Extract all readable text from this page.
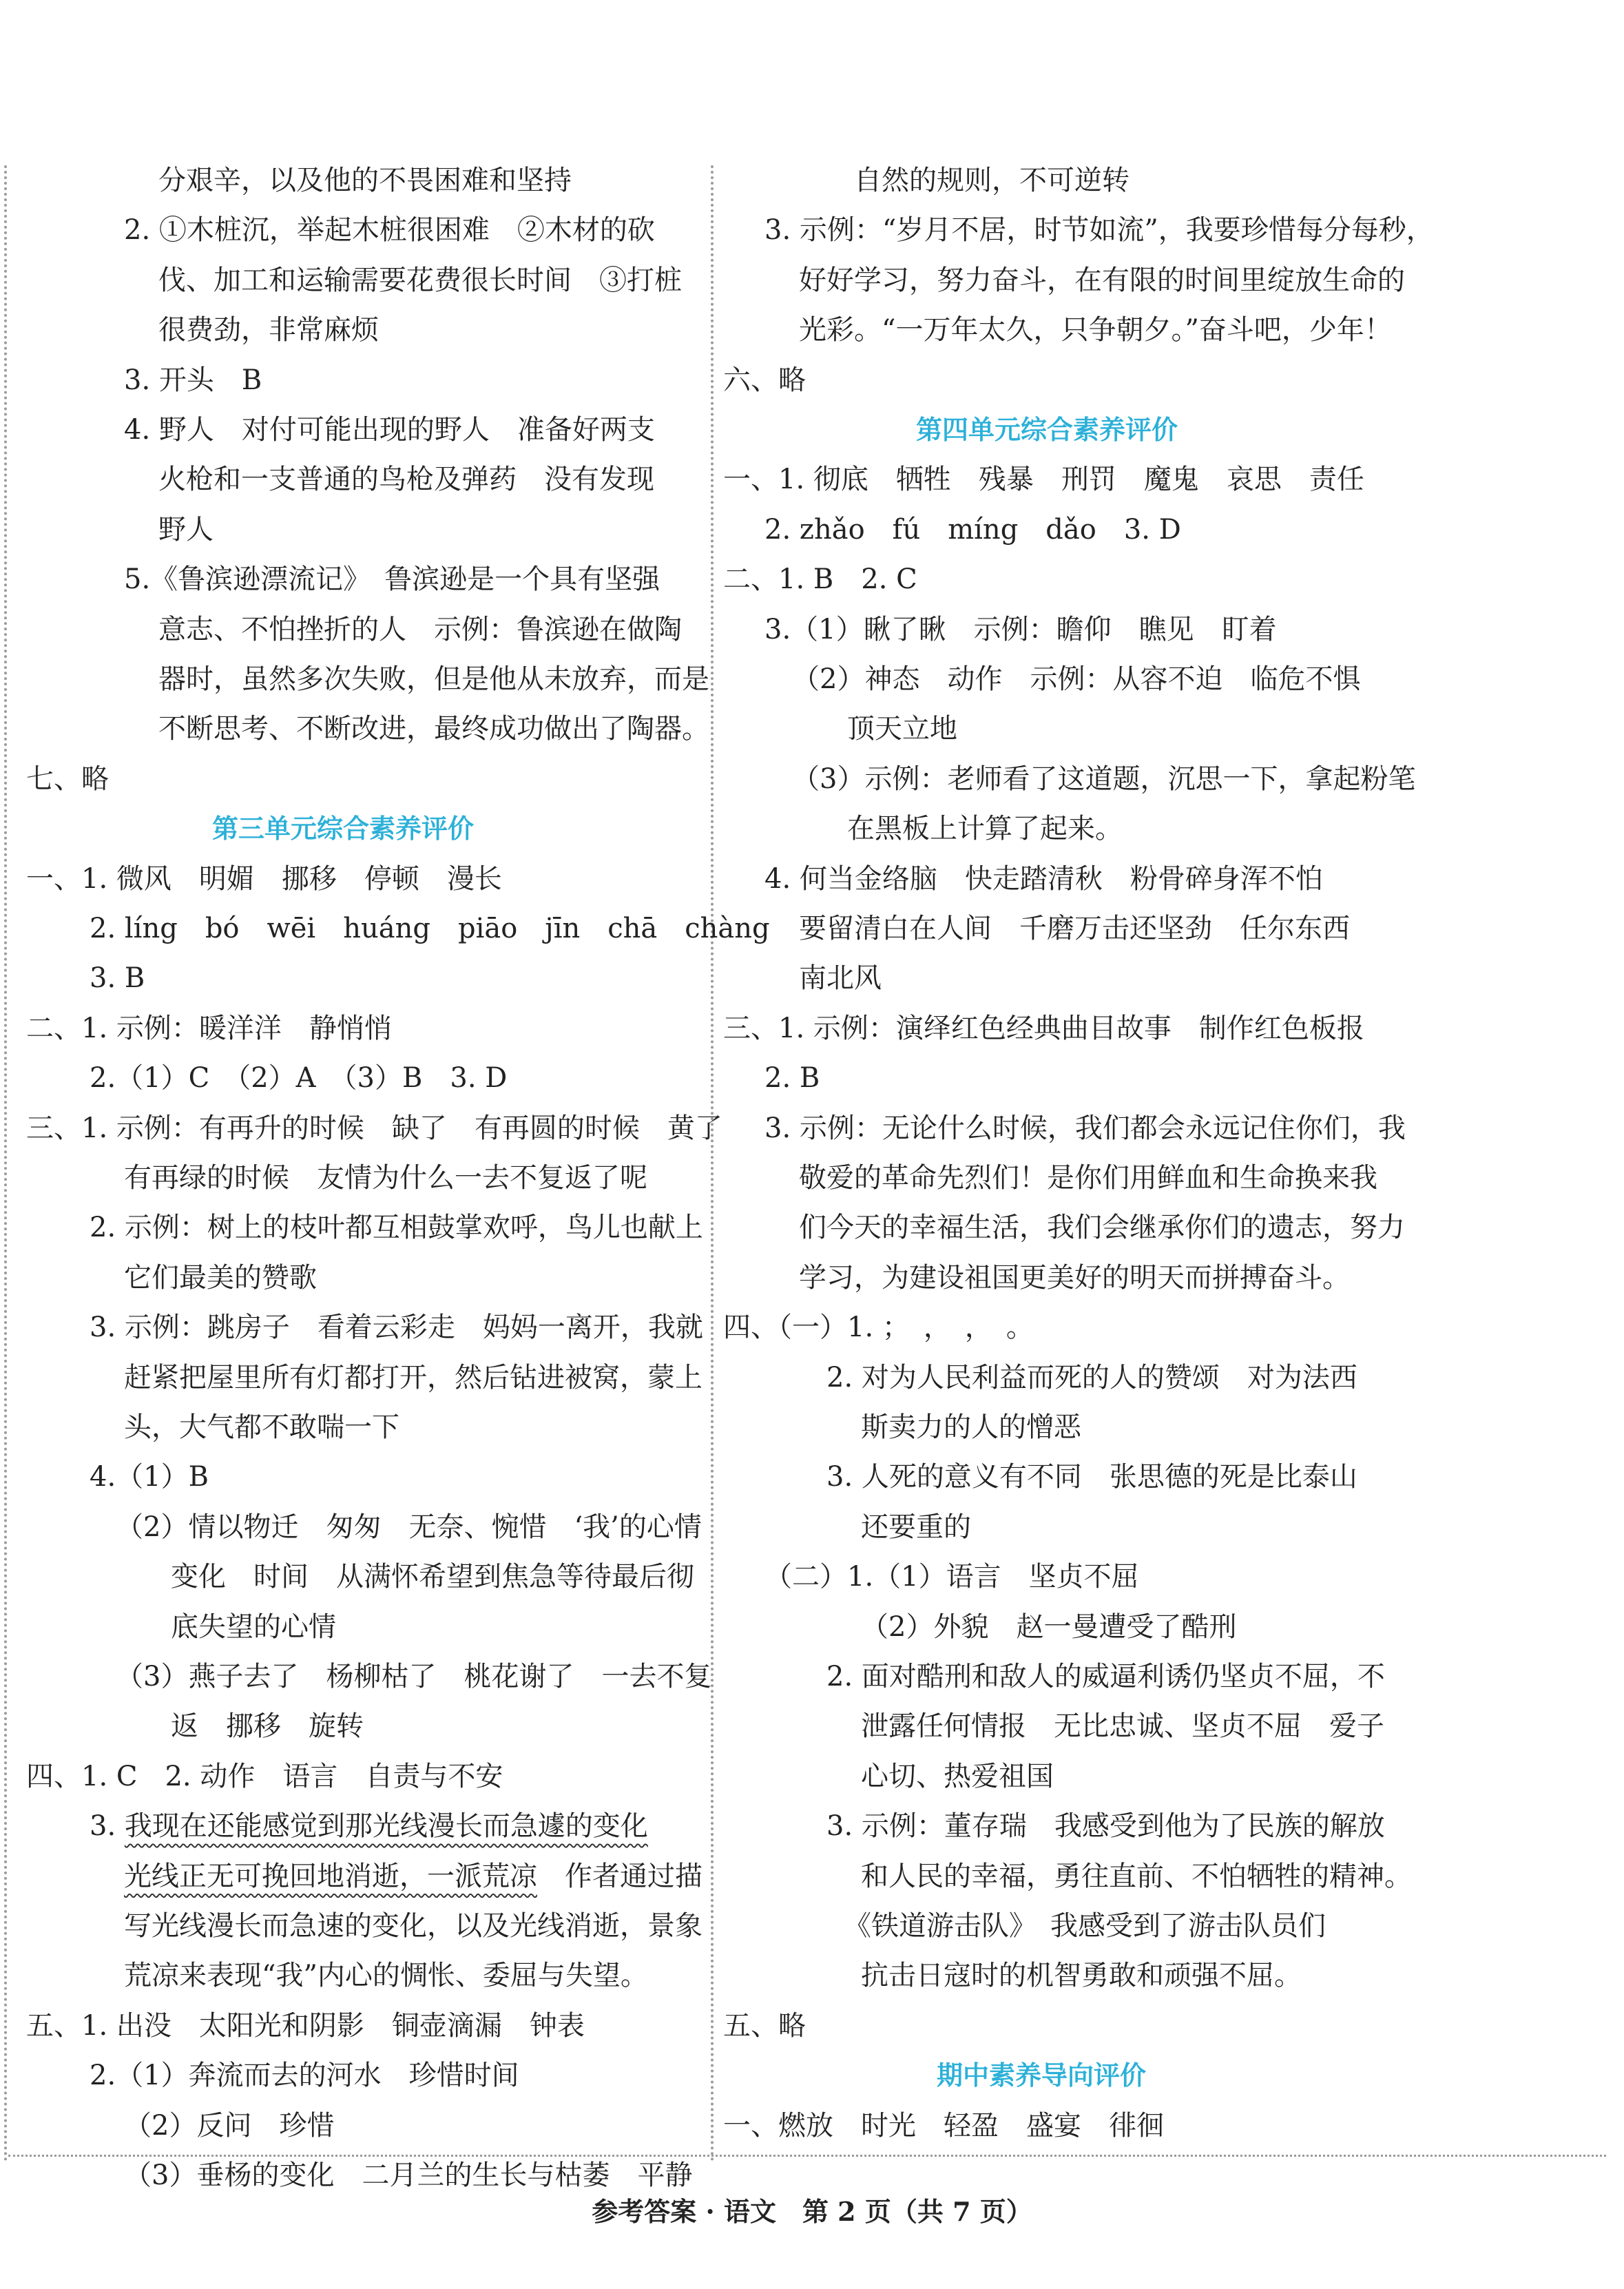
分艰辛，以及他的不畏困难和坚持
2. ①木桩沉，举起木桩很困难　②木材的砍
伐、加工和运输需要花费很长时间　③打桩
很费劲，非常麻烦
3. 开头　B
4. 野人　对付可能出现的野人　准备好两支
火枪和一支普通的鸟枪及弹药　没有发现
野人
5.《鲁滨逊漂流记》　鲁滨逊是一个具有坚强
意志、不怕挫折的人　示例：鲁滨逊在做陶
器时，虽然多次失败，但是他从未放弃，而是
不断思考、不断改进，最终成功做出了陶器。
七、略
第三单元综合素养评价
一、1. 微风　明媚　挪移　停顿　漫长
2. líng　bó　wēi　huáng　piāo　jīn　chā　chàng
3. B
二、1. 示例：暖洋洋　静悄悄
2.（1）C　（2）A　（3）B　3. D
三、1. 示例：有再升的时候　缺了　有再圆的时候　黄了
有再绿的时候　友情为什么一去不复返了呢
2. 示例：树上的枝叶都互相鼓掌欢呼，鸟儿也献上
它们最美的赞歌
3. 示例：跳房子　看着云彩走　妈妈一离开，我就
赶紧把屋里所有灯都打开，然后钻进被窝，蒙上
头，大气都不敢喘一下
4.（1）B
（2）情以物迁　匆匆　无奈、惋惜　‘我’的心情
变化　时间　从满怀希望到焦急等待最后彻
底失望的心情
（3）燕子去了　杨柳枯了　桃花谢了　一去不复
返　挪移　旋转
四、1. C　2. 动作　语言　自责与不安
3. 我现在还能感觉到那光线漫长而急遽的变化
光线正无可挽回地消逝，一派荒凉　作者通过描
写光线漫长而急速的变化，以及光线消逝，景象
荒凉来表现“我”内心的惆怅、委屈与失望。
五、1. 出没　太阳光和阴影　铜壶滴漏　钟表
2.（1）奔流而去的河水　珍惜时间
（2）反问　珍惜
（3）垂杨的变化　二月兰的生长与枯萎　平静
自然的规则，不可逆转
3. 示例：“岁月不居，时节如流”，我要珍惜每分每秒，
好好学习，努力奋斗，在有限的时间里绽放生命的
光彩。“一万年太久，只争朝夕。”奋斗吧，少年！
六、略
第四单元综合素养评价
一、1. 彻底　牺牲　残暴　刑罚　魔鬼　哀思　责任
2. zhǎo　fú　míng　dǎo　3. D
二、1. B　2. C
3.（1）瞅了瞅　示例：瞻仰　瞧见　盯着
（2）神态　动作　示例：从容不迫　临危不惧
顶天立地
（3）示例：老师看了这道题，沉思一下，拿起粉笔
在黑板上计算了起来。
4. 何当金络脑　快走踏清秋　粉骨碎身浑不怕
要留清白在人间　千磨万击还坚劲　任尔东西
南北风
三、1. 示例：演绎红色经典曲目故事　制作红色板报
2. B
3. 示例：无论什么时候，我们都会永远记住你们，我
敬爱的革命先烈们！是你们用鲜血和生命换来我
们今天的幸福生活，我们会继承你们的遗志，努力
学习，为建设祖国更美好的明天而拼搏奋斗。
四、（一）1. ；　，　，　。
2. 对为人民利益而死的人的赞颂　对为法西
斯卖力的人的憎恶
3. 人死的意义有不同　张思德的死是比泰山
还要重的
（二）1.（1）语言　坚贞不屈
（2）外貌　赵一曼遭受了酷刑
2. 面对酷刑和敌人的威逼利诱仍坚贞不屈，不
泄露任何情报　无比忠诚、坚贞不屈　爱子
心切、热爱祖国
3. 示例：董存瑞　我感受到他为了民族的解放
和人民的幸福，勇往直前、不怕牺牲的精神。
《铁道游击队》　我感受到了游击队员们
抗击日寇时的机智勇敢和顽强不屈。
五、略
期中素养导向评价
一、燃放　时光　轻盈　盛宴　徘徊
参考答案 · 语文　第 2 页（共 7 页）
